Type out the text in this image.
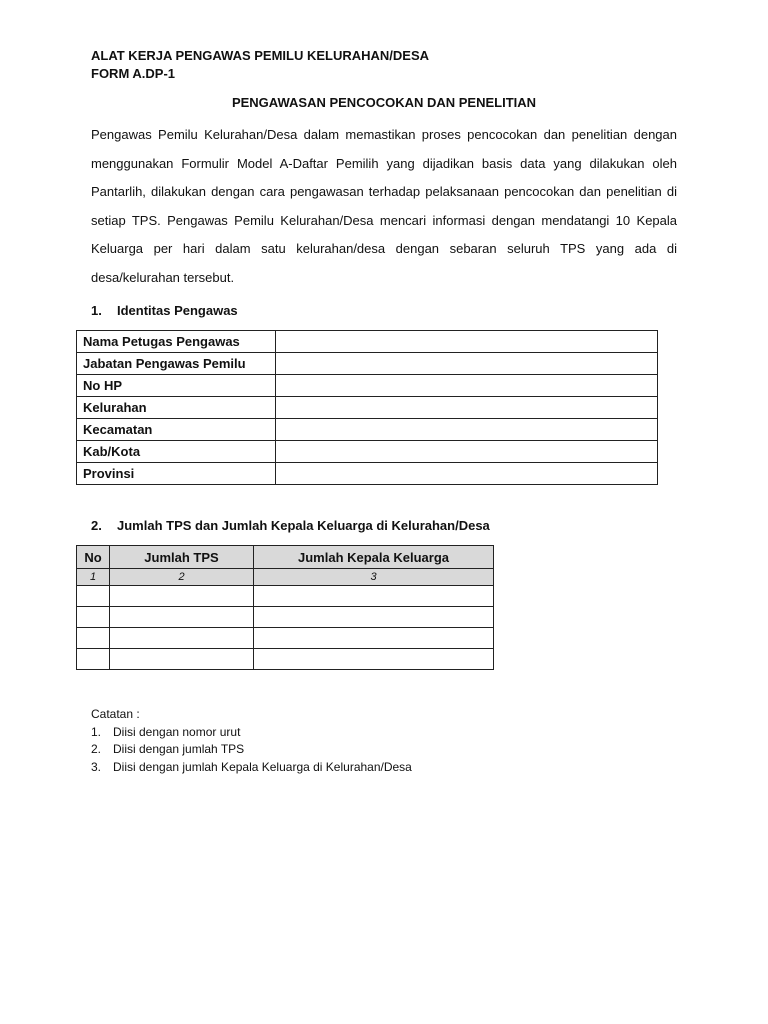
ALAT KERJA PENGAWAS PEMILU KELURAHAN/DESA
FORM A.DP-1
PENGAWASAN PENCOCOKAN DAN PENELITIAN
Pengawas Pemilu Kelurahan/Desa dalam memastikan proses pencocokan dan penelitian dengan menggunakan Formulir Model A-Daftar Pemilih yang dijadikan basis data yang dilakukan oleh Pantarlih, dilakukan dengan cara pengawasan terhadap pelaksanaan pencocokan dan penelitian di setiap TPS. Pengawas Pemilu Kelurahan/Desa mencari informasi dengan mendatangi 10 Kepala Keluarga per hari dalam satu kelurahan/desa dengan sebaran seluruh TPS yang ada di desa/kelurahan tersebut.
1. Identitas Pengawas
Nama Petugas Pengawas	
Jabatan Pengawas Pemilu	
No HP	
Kelurahan	
Kecamatan	
Kab/Kota	
Provinsi	
2. Jumlah TPS dan Jumlah Kepala Keluarga di Kelurahan/Desa
No	Jumlah TPS	Jumlah Kepala Keluarga
1	2	3

Catatan :
1. Diisi dengan nomor urut
2. Diisi dengan jumlah TPS
3. Diisi dengan jumlah Kepala Keluarga di Kelurahan/Desa
